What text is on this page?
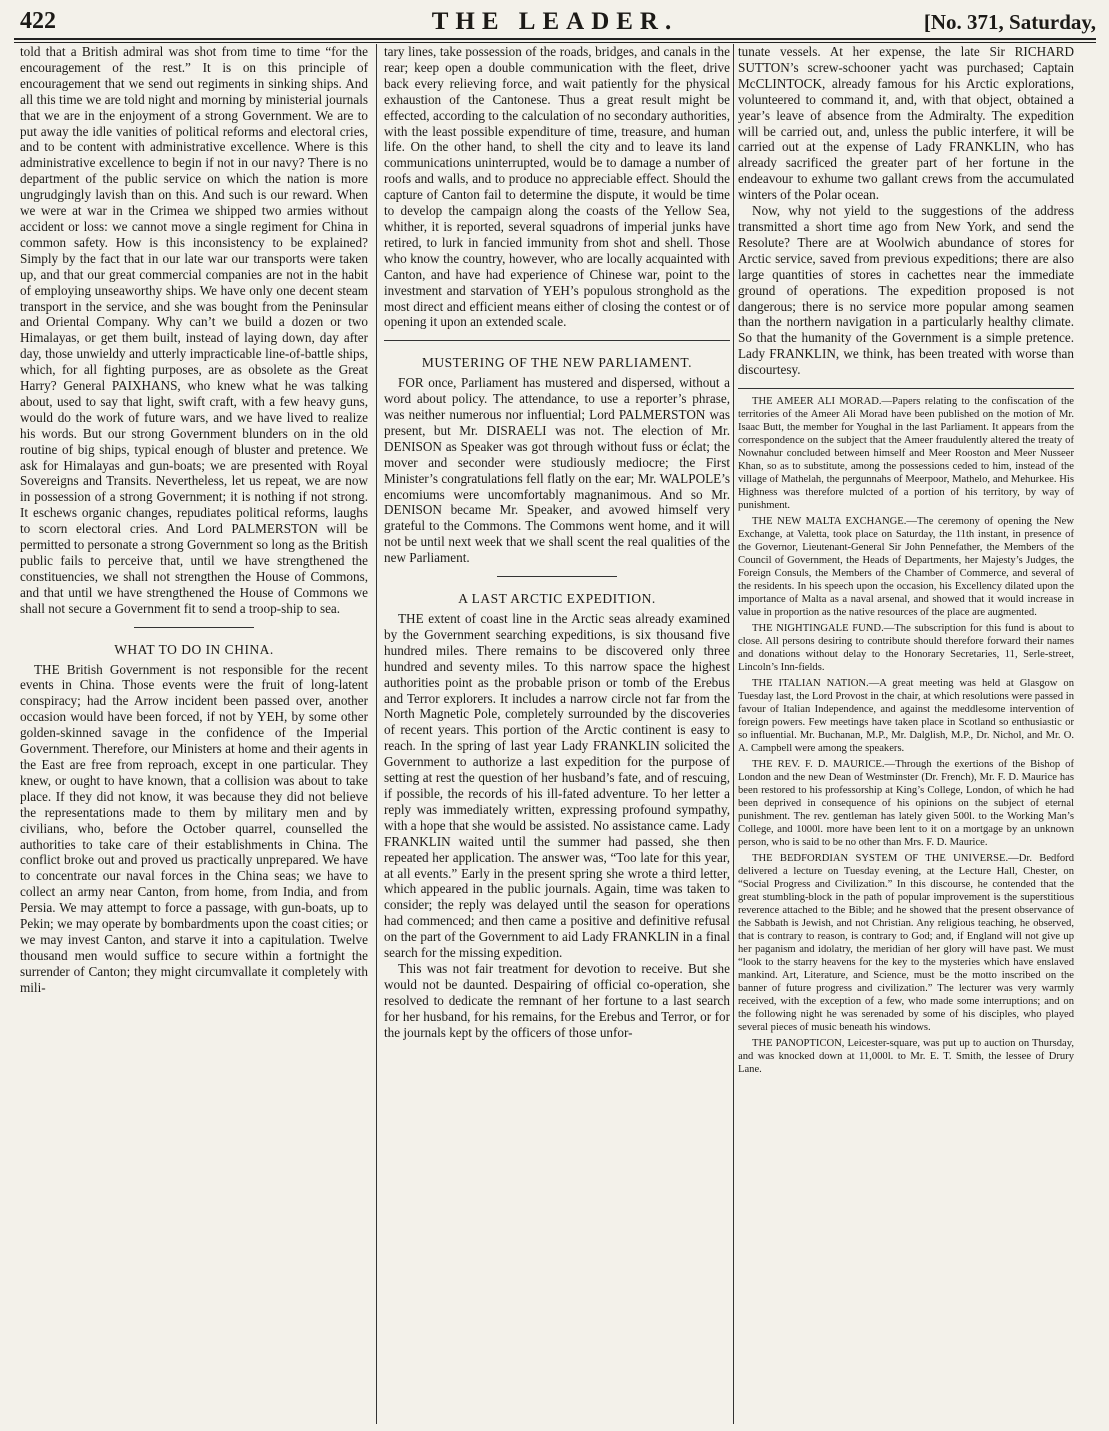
422	THE LEADER.	[No. 371, Saturday,

told that a British admiral was shot from time to time “for the encouragement of the rest.” It is on this principle of encouragement that we send out regiments in sinking ships. And all this time we are told night and morning by ministerial journals that we are in the enjoyment of a strong Government. We are to put away the idle vanities of political reforms and electoral cries, and to be content with administrative excellence. Where is this administrative excellence to begin if not in our navy? There is no department of the public service on which the nation is more ungrudgingly lavish than on this. And such is our reward. When we were at war in the Crimea we shipped two armies without accident or loss: we cannot move a single regiment for China in common safety. How is this inconsistency to be explained? Simply by the fact that in our late war our transports were taken up, and that our great commercial companies are not in the habit of employing unseaworthy ships. We have only one decent steam transport in the service, and she was bought from the Peninsular and Oriental Company. Why can’t we build a dozen or two Himalayas, or get them built, instead of laying down, day after day, those unwieldy and utterly impracticable line-of-battle ships, which, for all fighting purposes, are as obsolete as the Great Harry? General PAIXHANS, who knew what he was talking about, used to say that light, swift craft, with a few heavy guns, would do the work of future wars, and we have lived to realize his words. But our strong Government blunders on in the old routine of big ships, typical enough of bluster and pretence. We ask for Himalayas and gun-boats; we are presented with Royal Sovereigns and Transits. Nevertheless, let us repeat, we are now in possession of a strong Government; it is nothing if not strong. It eschews organic changes, repudiates political reforms, laughs to scorn electoral cries. And Lord PALMERSTON will be permitted to personate a strong Government so long as the British public fails to perceive that, until we have strengthened the constituencies, we shall not strengthen the House of Commons, and that until we have strengthened the House of Commons we shall not secure a Government fit to send a troop-ship to sea.

WHAT TO DO IN CHINA.

THE British Government is not responsible for the recent events in China. Those events were the fruit of long-latent conspiracy; had the Arrow incident been passed over, another occasion would have been forced, if not by YEH, by some other golden-skinned savage in the confidence of the Imperial Government. Therefore, our Ministers at home and their agents in the East are free from reproach, except in one particular. They knew, or ought to have known, that a collision was about to take place. If they did not know, it was because they did not believe the representations made to them by military men and by civilians, who, before the October quarrel, counselled the authorities to take care of their establishments in China. The conflict broke out and proved us practically unprepared. We have to concentrate our naval forces in the China seas; we have to collect an army near Canton, from home, from India, and from Persia. We may attempt to force a passage, with gun-boats, up to Pekin; we may operate by bombardments upon the coast cities; or we may invest Canton, and starve it into a capitulation. Twelve thousand men would suffice to secure within a fortnight the surrender of Canton; they might circumvallate it completely with mili-

tary lines, take possession of the roads, bridges, and canals in the rear; keep open a double communication with the fleet, drive back every relieving force, and wait patiently for the physical exhaustion of the Cantonese. Thus a great result might be effected, according to the calculation of no secondary authorities, with the least possible expenditure of time, treasure, and human life. On the other hand, to shell the city and to leave its land communications uninterrupted, would be to damage a number of roofs and walls, and to produce no appreciable effect. Should the capture of Canton fail to determine the dispute, it would be time to develop the campaign along the coasts of the Yellow Sea, whither, it is reported, several squadrons of imperial junks have retired, to lurk in fancied immunity from shot and shell. Those who know the country, however, who are locally acquainted with Canton, and have had experience of Chinese war, point to the investment and starvation of YEH’s populous stronghold as the most direct and efficient means either of closing the contest or of opening it upon an extended scale.

MUSTERING OF THE NEW PARLIAMENT.

FOR once, Parliament has mustered and dispersed, without a word about policy. The attendance, to use a reporter’s phrase, was neither numerous nor influential; Lord PALMERSTON was present, but Mr. DISRAELI was not. The election of Mr. DENISON as Speaker was got through without fuss or éclat; the mover and seconder were studiously mediocre; the First Minister’s congratulations fell flatly on the ear; Mr. WALPOLE’s encomiums were uncomfortably magnanimous. And so Mr. DENISON became Mr. Speaker, and avowed himself very grateful to the Commons. The Commons went home, and it will not be until next week that we shall scent the real qualities of the new Parliament.

A LAST ARCTIC EXPEDITION.

THE extent of coast line in the Arctic seas already examined by the Government searching expeditions, is six thousand five hundred miles. There remains to be discovered only three hundred and seventy miles. To this narrow space the highest authorities point as the probable prison or tomb of the Erebus and Terror explorers. It includes a narrow circle not far from the North Magnetic Pole, completely surrounded by the discoveries of recent years. This portion of the Arctic continent is easy to reach. In the spring of last year Lady FRANKLIN solicited the Government to authorize a last expedition for the purpose of setting at rest the question of her husband’s fate, and of rescuing, if possible, the records of his ill-fated adventure. To her letter a reply was immediately written, expressing profound sympathy, with a hope that she would be assisted. No assistance came. Lady FRANKLIN waited until the summer had passed, she then repeated her application. The answer was, “Too late for this year, at all events.” Early in the present spring she wrote a third letter, which appeared in the public journals. Again, time was taken to consider; the reply was delayed until the season for operations had commenced; and then came a positive and definitive refusal on the part of the Government to aid Lady FRANKLIN in a final search for the missing expedition.

This was not fair treatment for devotion to receive. But she would not be daunted. Despairing of official co-operation, she resolved to dedicate the remnant of her fortune to a last search for her husband, for his remains, for the Erebus and Terror, or for the journals kept by the officers of those unfor-

tunate vessels. At her expense, the late Sir RICHARD SUTTON’s screw-schooner yacht was purchased; Captain McCLINTOCK, already famous for his Arctic explorations, volunteered to command it, and, with that object, obtained a year’s leave of absence from the Admiralty. The expedition will be carried out, and, unless the public interfere, it will be carried out at the expense of Lady FRANKLIN, who has already sacrificed the greater part of her fortune in the endeavour to exhume two gallant crews from the accumulated winters of the Polar ocean.

Now, why not yield to the suggestions of the address transmitted a short time ago from New York, and send the Resolute? There are at Woolwich abundance of stores for Arctic service, saved from previous expeditions; there are also large quantities of stores in cachettes near the immediate ground of operations. The expedition proposed is not dangerous; there is no service more popular among seamen than the northern navigation in a particularly healthy climate. So that the humanity of the Government is a simple pretence. Lady FRANKLIN, we think, has been treated with worse than discourtesy.

THE AMEER ALI MORAD.—Papers relating to the confiscation of the territories of the Ameer Ali Morad have been published on the motion of Mr. Isaac Butt, the member for Youghal in the last Parliament. It appears from the correspondence on the subject that the Ameer fraudulently altered the treaty of Nownahur concluded between himself and Meer Rooston and Meer Nusseer Khan, so as to substitute, among the possessions ceded to him, instead of the village of Mathelah, the pergunnahs of Meerpoor, Mathelo, and Mehurkee. His Highness was therefore mulcted of a portion of his territory, by way of punishment.

THE NEW MALTA EXCHANGE.—The ceremony of opening the New Exchange, at Valetta, took place on Saturday, the 11th instant, in presence of the Governor, Lieutenant-General Sir John Pennefather, the Members of the Council of Government, the Heads of Departments, her Majesty’s Judges, the Foreign Consuls, the Members of the Chamber of Commerce, and several of the residents. In his speech upon the occasion, his Excellency dilated upon the importance of Malta as a naval arsenal, and showed that it would increase in value in proportion as the native resources of the place are augmented.

THE NIGHTINGALE FUND.—The subscription for this fund is about to close. All persons desiring to contribute should therefore forward their names and donations without delay to the Honorary Secretaries, 11, Serle-street, Lincoln’s Inn-fields.

THE ITALIAN NATION.—A great meeting was held at Glasgow on Tuesday last, the Lord Provost in the chair, at which resolutions were passed in favour of Italian Independence, and against the meddlesome intervention of foreign powers. Few meetings have taken place in Scotland so enthusiastic or so influential. Mr. Buchanan, M.P., Mr. Dalglish, M.P., Dr. Nichol, and Mr. O. A. Campbell were among the speakers.

THE REV. F. D. MAURICE.—Through the exertions of the Bishop of London and the new Dean of Westminster (Dr. French), Mr. F. D. Maurice has been restored to his professorship at King’s College, London, of which he had been deprived in consequence of his opinions on the subject of eternal punishment. The rev. gentleman has lately given 500l. to the Working Man’s College, and 1000l. more have been lent to it on a mortgage by an unknown person, who is said to be no other than Mrs. F. D. Maurice.

THE BEDFORDIAN SYSTEM OF THE UNIVERSE.—Dr. Bedford delivered a lecture on Tuesday evening, at the Lecture Hall, Chester, on “Social Progress and Civilization.” In this discourse, he contended that the great stumbling-block in the path of popular improvement is the superstitious reverence attached to the Bible; and he showed that the present observance of the Sabbath is Jewish, and not Christian. Any religious teaching, he observed, that is contrary to reason, is contrary to God; and, if England will not give up her paganism and idolatry, the meridian of her glory will have past. We must “look to the starry heavens for the key to the mysteries which have enslaved mankind. Art, Literature, and Science, must be the motto inscribed on the banner of future progress and civilization.” The lecturer was very warmly received, with the exception of a few, who made some interruptions; and on the following night he was serenaded by some of his disciples, who played several pieces of music beneath his windows.

THE PANOPTICON, Leicester-square, was put up to auction on Thursday, and was knocked down at 11,000l. to Mr. E. T. Smith, the lessee of Drury Lane.
